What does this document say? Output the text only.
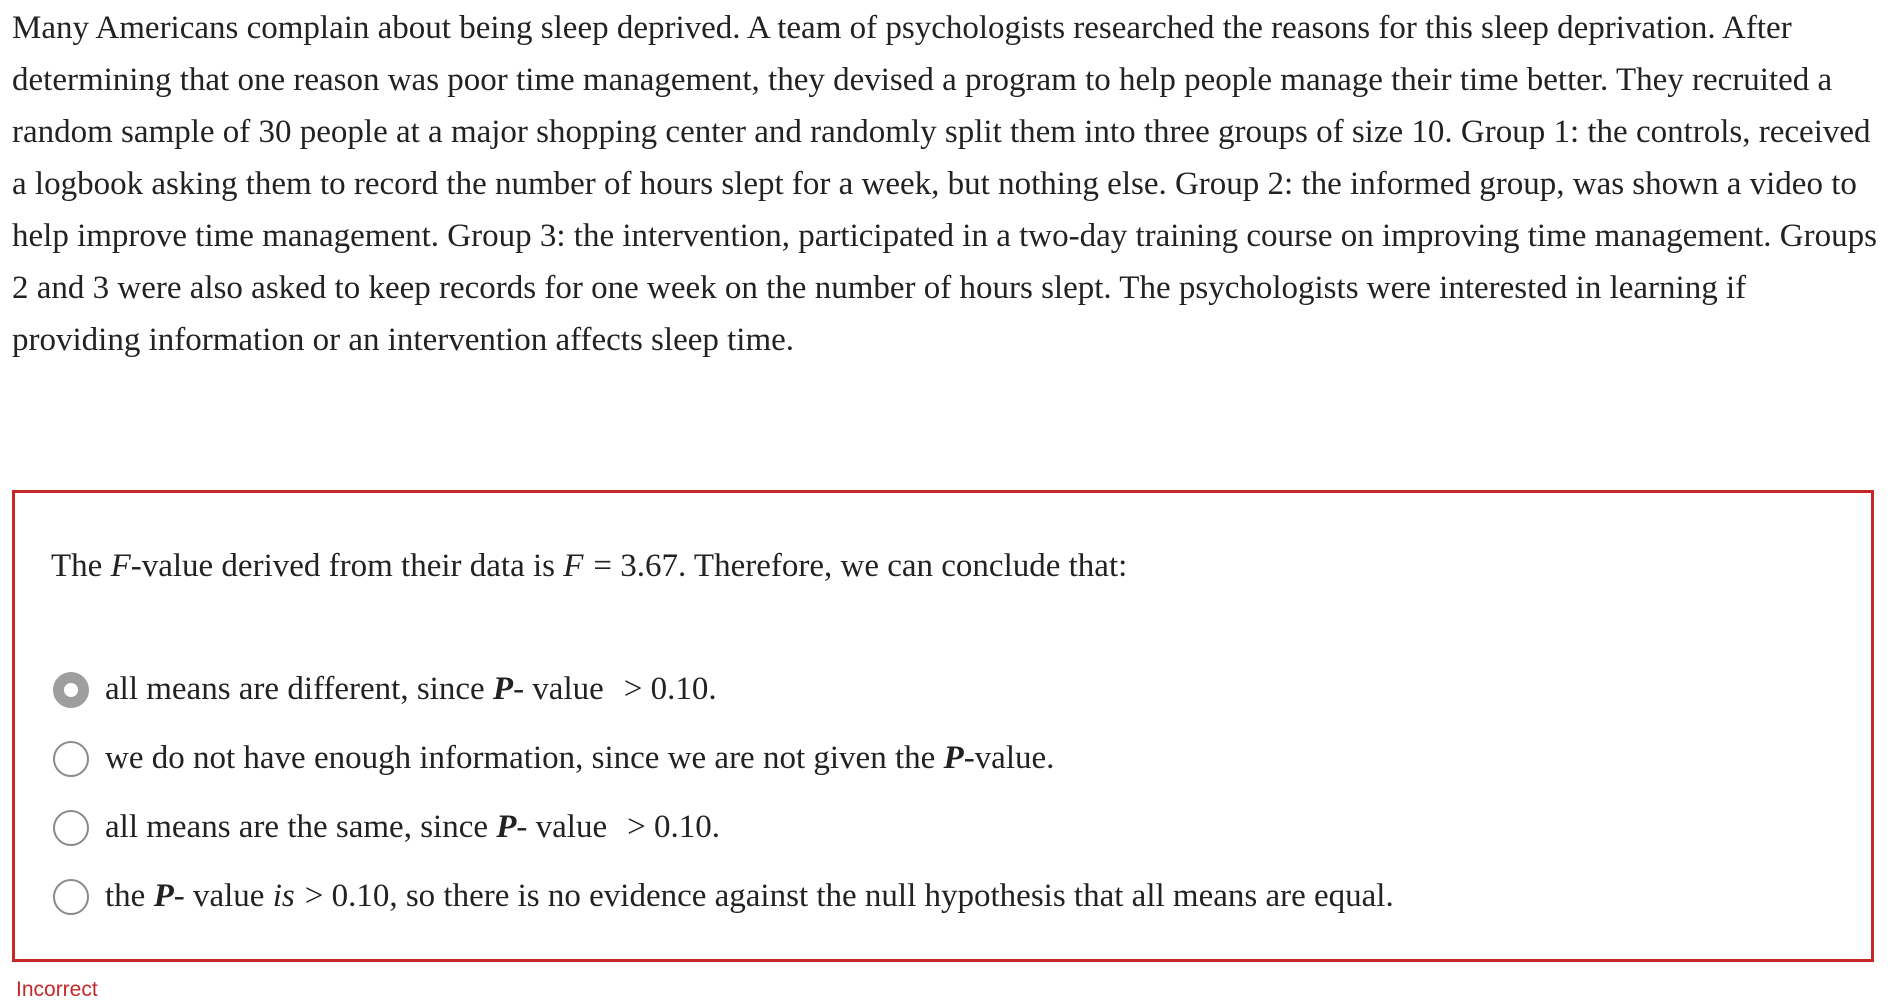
Many Americans complain about being sleep deprived. A team of psychologists researched the reasons for this sleep deprivation. After determining that one reason was poor time management, they devised a program to help people manage their time better. They recruited a random sample of 30 people at a major shopping center and randomly split them into three groups of size 10. Group 1: the controls, received a logbook asking them to record the number of hours slept for a week, but nothing else. Group 2: the informed group, was shown a video to help improve time management. Group 3: the intervention, participated in a two-day training course on improving time management. Groups 2 and 3 were also asked to keep records for one week on the number of hours slept. The psychologists were interested in learning if providing information or an intervention affects sleep time.

The F-value derived from their data is F = 3.67. Therefore, we can conclude that:

all means are different, since P- value > 0.10.
we do not have enough information, since we are not given the P-value.
all means are the same, since P- value > 0.10.
the P- value is > 0.10, so there is no evidence against the null hypothesis that all means are equal.

Incorrect
